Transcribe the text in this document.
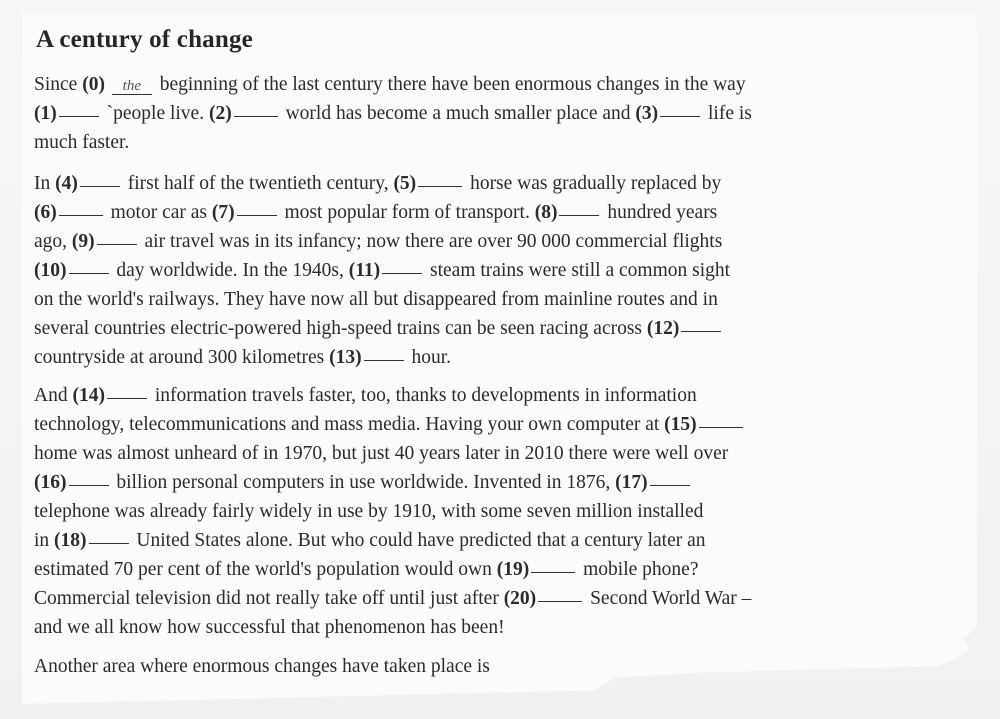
A century of change
Since (0) the beginning of the last century there have been enormous changes in the way
(1) `people live. (2)	world has become a much smaller place and (3) life is
much faster.
In (4) first half of the twentieth century, (5)	horse was gradually replaced by
(6)	motor car as (7) most popular form of transport. (8) hundred years
ago, (9) air travel was in its infancy; now there are over 90 000 commercial flights
(10) day worldwide. In the 1940s, (11) steam trains were still a common sight
on the world's railways. They have now all but disappeared from mainline routes and in
several countries electric-powered high-speed trains can be seen racing across (12)
countryside at around 300 kilometres (13) hour.
And (14) information travels faster, too, thanks to developments in information
technology, telecommunications and mass media. Having your own computer at (15)
home was almost unheard of in 1970, but just 40 years later in 2010 there were well over
(16) billion personal computers in use worldwide. Invented in 1876, (17)
telephone was already fairly widely in use by 1910, with some seven million installed
in (18) United States alone. But who could have predicted that a century later an
estimated 70 per cent of the world's population would own (19)	mobile phone?
Commercial television did not really take off until just after (20)	Second World War –
and we all know how successful that phenomenon has been!
Another area where enormous changes have taken place is
